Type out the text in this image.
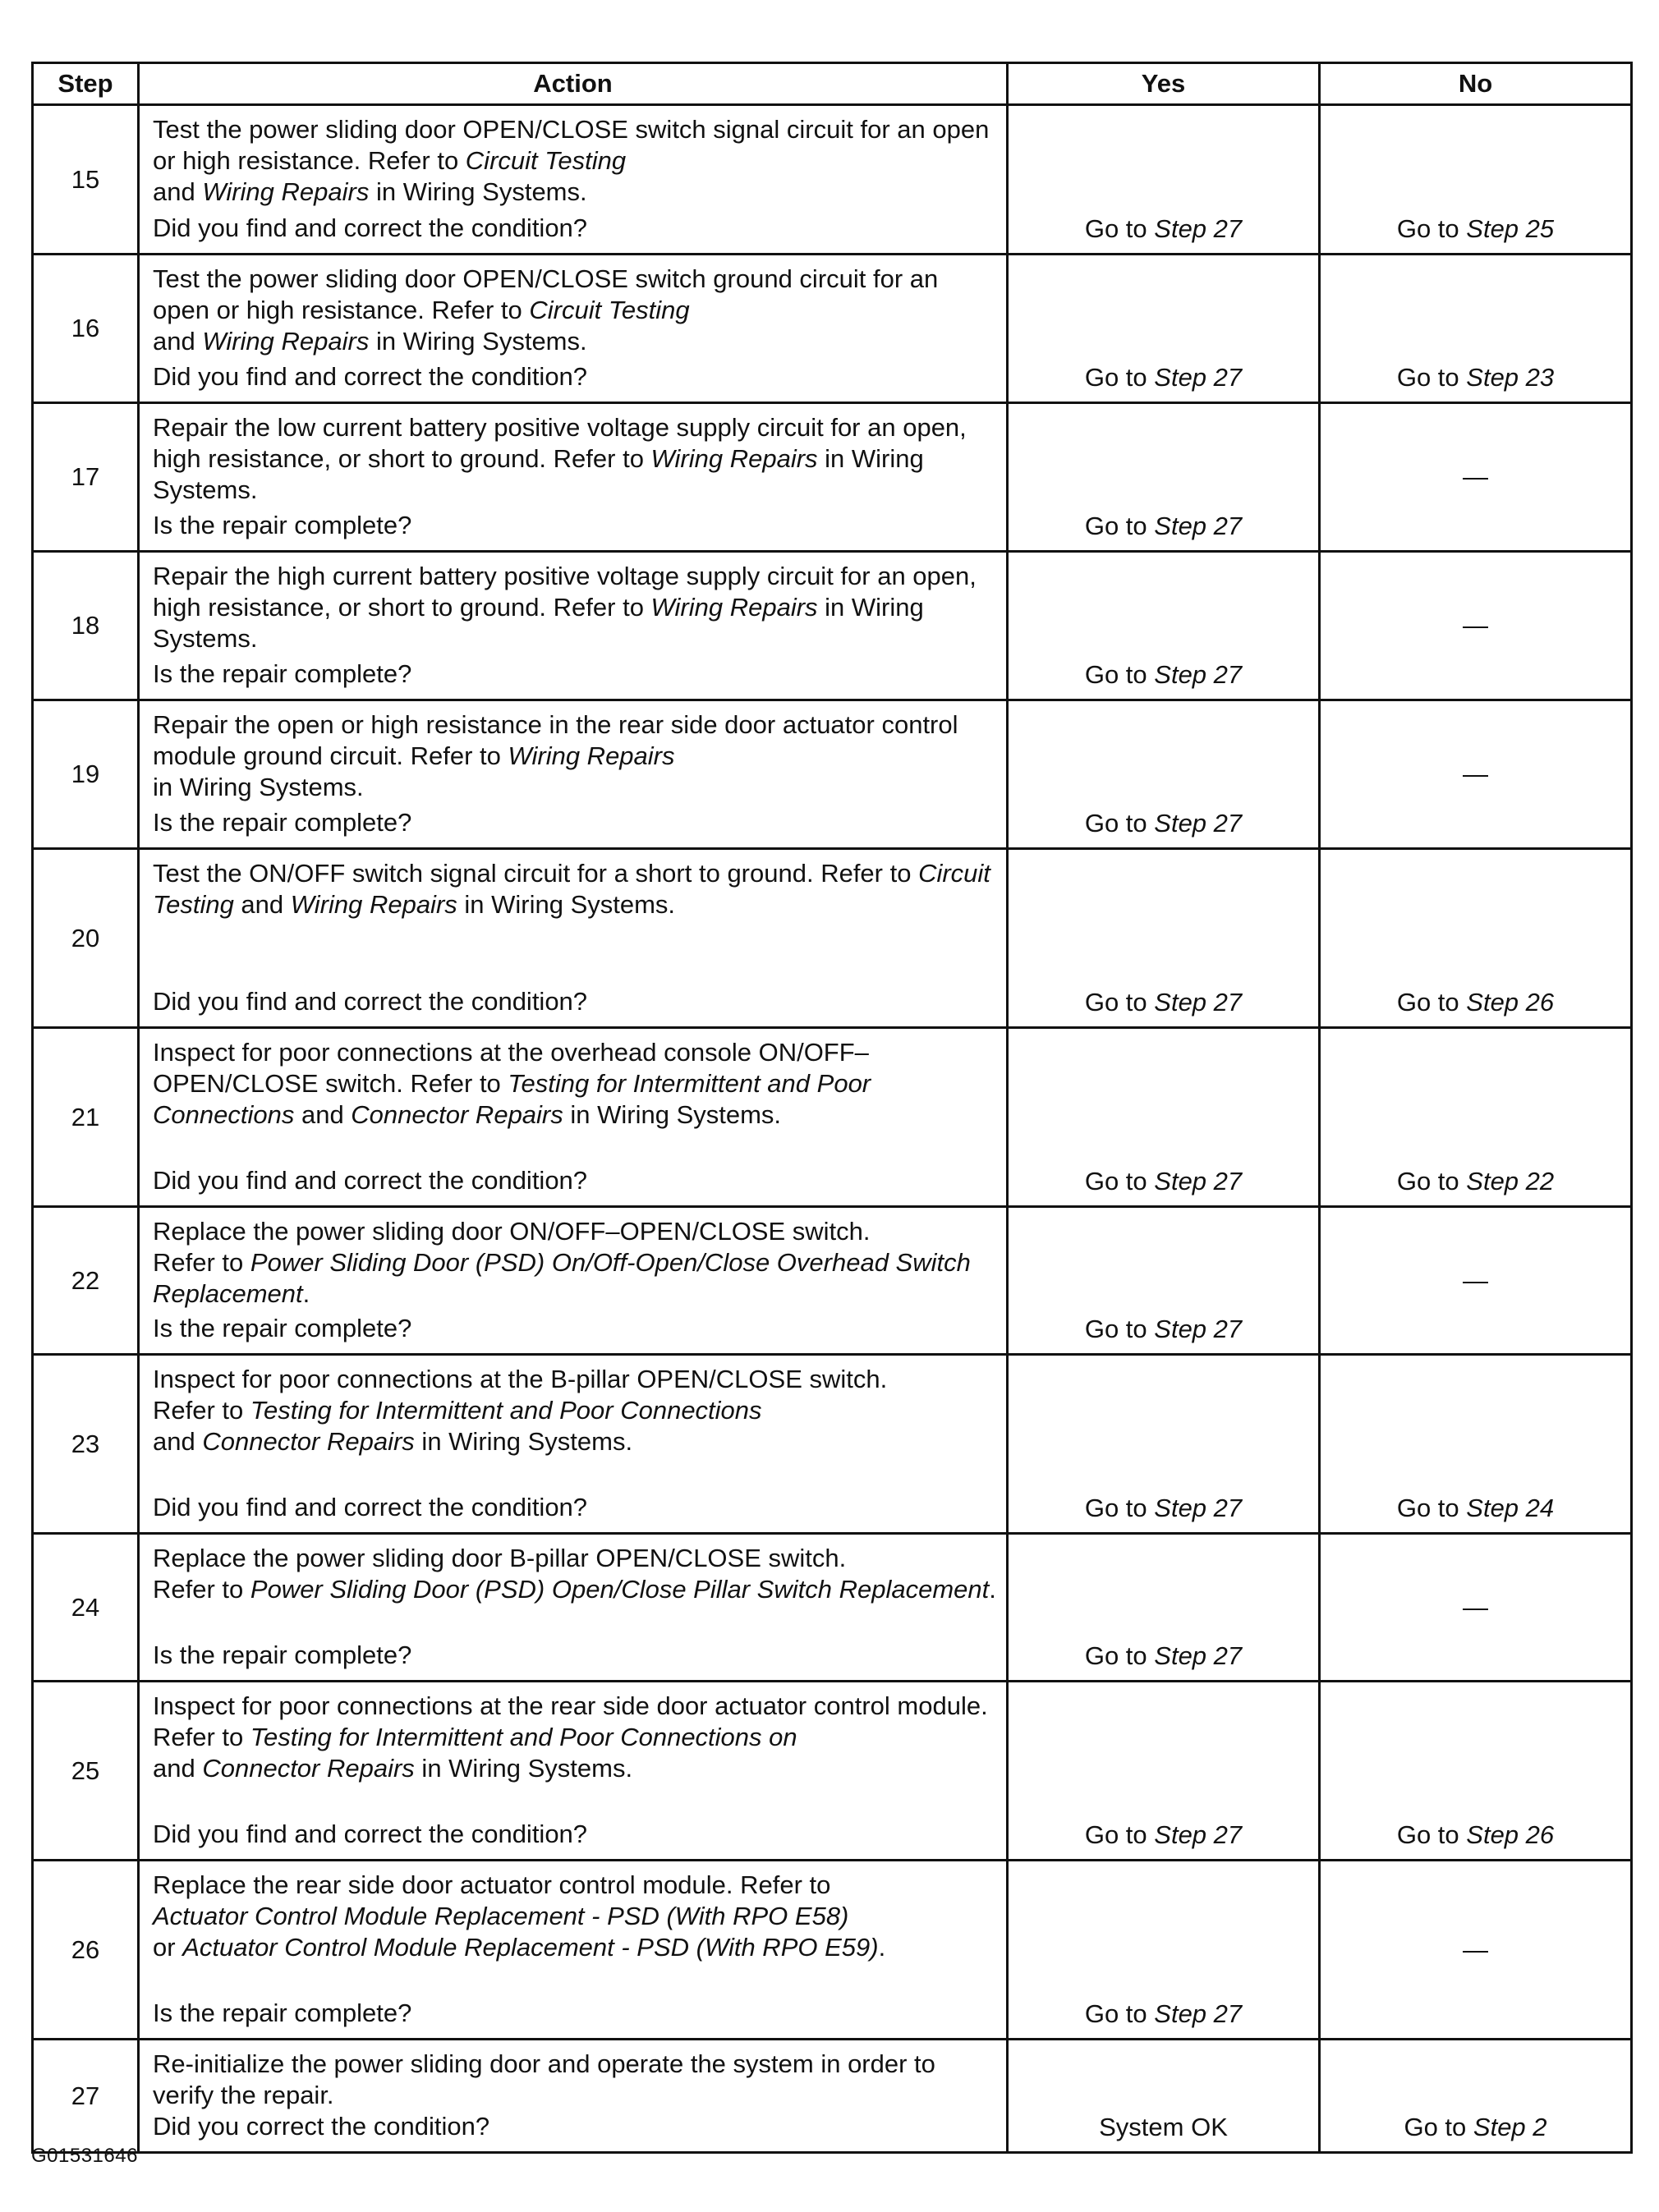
Step	Action	Yes	No
15	Test the power sliding door OPEN/CLOSE switch signal circuit for an open or high resistance. Refer to Circuit Testing
and Wiring Repairs in Wiring Systems.
Did you find and correct the condition?	Go to Step 27	Go to Step 25
16	Test the power sliding door OPEN/CLOSE switch ground circuit for an open or high resistance. Refer to Circuit Testing
and Wiring Repairs in Wiring Systems.
Did you find and correct the condition?	Go to Step 27	Go to Step 23
17	Repair the low current battery positive voltage supply circuit for an open, high resistance, or short to ground. Refer to Wiring Repairs in Wiring Systems.
Is the repair complete?	Go to Step 27	—
18	Repair the high current battery positive voltage supply circuit for an open, high resistance, or short to ground. Refer to Wiring Repairs in Wiring Systems.
Is the repair complete?	Go to Step 27	—
19	Repair the open or high resistance in the rear side door actuator control module ground circuit. Refer to Wiring Repairs
in Wiring Systems.
Is the repair complete?	Go to Step 27	—
20	Test the ON/OFF switch signal circuit for a short to ground. Refer to Circuit Testing and Wiring Repairs in Wiring Systems.
Did you find and correct the condition?	Go to Step 27	Go to Step 26
21	Inspect for poor connections at the overhead console ON/OFF–OPEN/CLOSE switch. Refer to Testing for Intermittent and Poor Connections and Connector Repairs in Wiring Systems.
Did you find and correct the condition?	Go to Step 27	Go to Step 22
22	Replace the power sliding door ON/OFF–OPEN/CLOSE switch.
Refer to Power Sliding Door (PSD) On/Off-Open/Close Overhead Switch Replacement.
Is the repair complete?	Go to Step 27	—
23	Inspect for poor connections at the B-pillar OPEN/CLOSE switch.
Refer to Testing for Intermittent and Poor Connections
and Connector Repairs in Wiring Systems.
Did you find and correct the condition?	Go to Step 27	Go to Step 24
24	Replace the power sliding door B-pillar OPEN/CLOSE switch.
Refer to Power Sliding Door (PSD) Open/Close Pillar Switch Replacement.
Is the repair complete?	Go to Step 27	—
25	Inspect for poor connections at the rear side door actuator control module. Refer to Testing for Intermittent and Poor Connections on
and Connector Repairs in Wiring Systems.
Did you find and correct the condition?	Go to Step 27	Go to Step 26
26	Replace the rear side door actuator control module. Refer to
Actuator Control Module Replacement - PSD (With RPO E58)
or Actuator Control Module Replacement - PSD (With RPO E59).
Is the repair complete?	Go to Step 27	—
27	Re-initialize the power sliding door and operate the system in order to verify the repair.
Did you correct the condition?	System OK	Go to Step 2
G01531646
